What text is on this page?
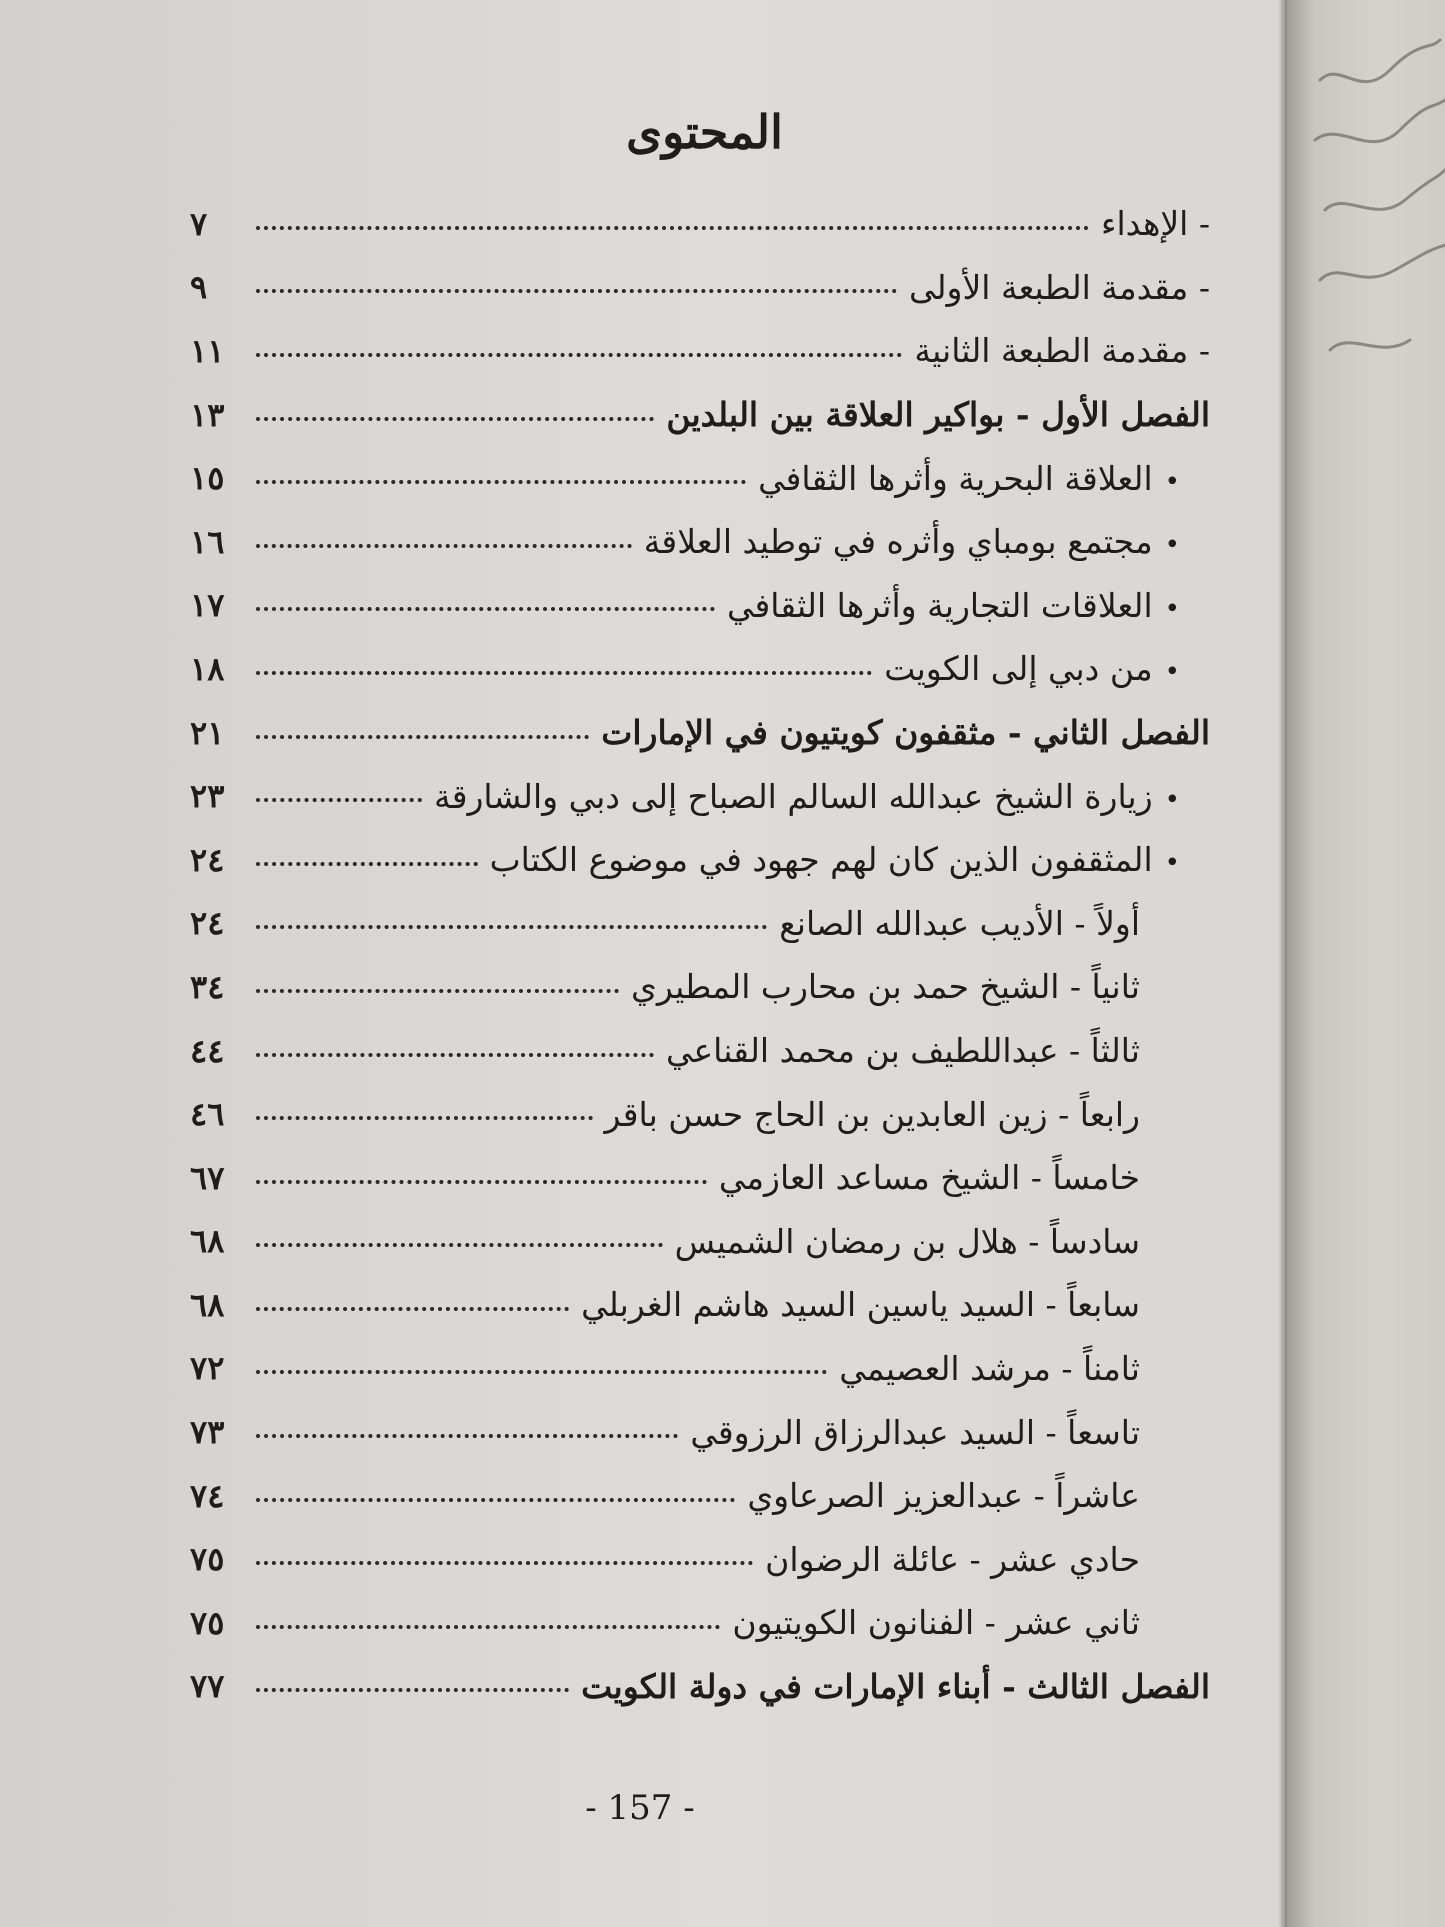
المحتوى
- الإهداء
٧
- مقدمة الطبعة الأولى
٩
- مقدمة الطبعة الثانية
١١
الفصل الأول - بواكير العلاقة بين البلدين
١٣
•العلاقة البحرية وأثرها الثقافي
١٥
•مجتمع بومباي وأثره في توطيد العلاقة
١٦
•العلاقات التجارية وأثرها الثقافي
١٧
•من دبي إلى الكويت
١٨
الفصل الثاني - مثقفون كويتيون في الإمارات
٢١
•زيارة الشيخ عبدالله السالم الصباح إلى دبي والشارقة
٢٣
•المثقفون الذين كان لهم جهود في موضوع الكتاب
٢٤
أولاً - الأديب عبدالله الصانع
٢٤
ثانياً - الشيخ حمد بن محارب المطيري
٣٤
ثالثاً - عبداللطيف بن محمد القناعي
٤٤
رابعاً - زين العابدين بن الحاج حسن باقر
٤٦
خامساً - الشيخ مساعد العازمي
٦٧
سادساً - هلال بن رمضان الشميس
٦٨
سابعاً - السيد ياسين السيد هاشم الغربلي
٦٨
ثامناً - مرشد العصيمي
٧٢
تاسعاً - السيد عبدالرزاق الرزوقي
٧٣
عاشراً - عبدالعزيز الصرعاوي
٧٤
حادي عشر - عائلة الرضوان
٧٥
ثاني عشر - الفنانون الكويتيون
٧٥
الفصل الثالث - أبناء الإمارات في دولة الكويت
٧٧
- 157 -
